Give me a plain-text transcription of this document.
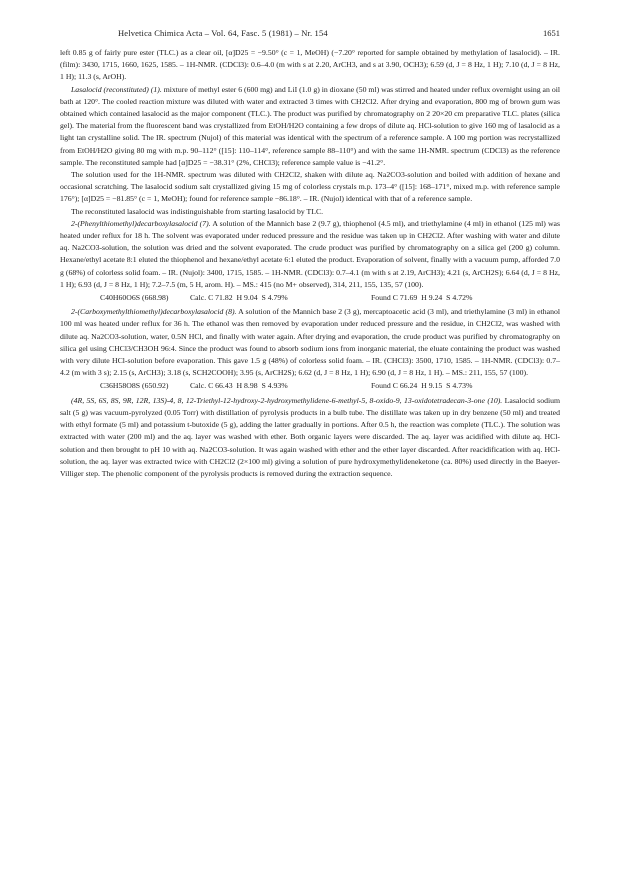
Helvetica Chimica Acta – Vol. 64, Fasc. 5 (1981) – Nr. 154	1651

left 0.85 g of fairly pure ester (TLC.) as a clear oil, [α]D25 = −9.50° (c = 1, MeOH) (−7.20° reported for sample obtained by methylation of lasalocid). – IR. (film): 3430, 1715, 1660, 1625, 1585. – 1H-NMR. (CDCl3): 0.6–4.0 (m with s at 2.20, ArCH3, and s at 3.90, OCH3); 6.59 (d, J = 8 Hz, 1 H); 7.10 (d, J = 8 Hz, 1 H); 11.3 (s, ArOH).

Lasalocid (reconstituted) (1). mixture of methyl ester 6 (600 mg) and LiI (1.0 g) in dioxane (50 ml) was stirred and heated under reflux overnight using an oil bath at 120°. The cooled reaction mixture was diluted with water and extracted 3 times with CH2Cl2. After drying and evaporation, 800 mg of brown gum was obtained which contained lasalocid as the major component (TLC.). The product was purified by chromatography on 2 20×20 cm preparative TLC. plates (silica gel). The material from the fluorescent band was crystallized from EtOH/H2O containing a few drops of dilute aq. HCl-solution to give 160 mg of lasalocid as a light tan crystalline solid. The IR. spectrum (Nujol) of this material was identical with the spectrum of a reference sample. A 100 mg portion was recrystallized from EtOH/H2O giving 80 mg with m.p. 90–112° ([15]: 110–114°, reference sample 88–110°) and with the same 1H-NMR. spectrum (CDCl3) as the reference sample. The reconstituted sample had [α]D25 = −38.31° (2%, CHCl3); reference sample value is −41.2°.

The solution used for the 1H-NMR. spectrum was diluted with CH2Cl2, shaken with dilute aq. Na2CO3-solution and boiled with addition of hexane and occasional scratching. The lasalocid sodium salt crystallized giving 15 mg of colorless crystals m.p. 173–4° ([15]: 168–171°, mixed m.p. with reference sample 176°); [α]D25 = −81.85° (c = 1, MeOH); found for reference sample −86.18°. – IR. (Nujol) identical with that of a reference sample.

The reconstituted lasalocid was indistinguishable from starting lasalocid by TLC.

2-(Phenylthiomethyl)decarboxylasalocid (7). A solution of the Mannich base 2 (9.7 g), thiophenol (4.5 ml), and triethylamine (4 ml) in ethanol (125 ml) was heated under reflux for 18 h. The solvent was evaporated under reduced pressure and the residue was taken up in CH2Cl2. After washing with water and dilute aq. Na2CO3-solution, the solution was dried and the solvent evaporated. The crude product was purified by chromatography on a silica gel (200 g) column. Hexane/ethyl acetate 8:1 eluted the thiophenol and hexane/ethyl acetate 6:1 eluted the product. Evaporation of solvent, finally with a vacuum pump, afforded 7.0 g (68%) of colorless solid foam. – IR. (Nujol): 3400, 1715, 1585. – 1H-NMR. (CDCl3): 0.7–4.1 (m with s at 2.19, ArCH3); 4.21 (s, ArCH2S); 6.64 (d, J = 8 Hz, 1 H); 6.93 (d, J = 8 Hz, 1 H); 7.2–7.5 (m, 5 H, arom. H). – MS.: 415 (no M+ observed), 314, 211, 155, 135, 57 (100).

C40H60O6S (668.98)	Calc. C 71.82  H 9.04  S 4.79%	Found C 71.69  H 9.24  S 4.72%

2-(Carboxymethylthiomethyl)decarboxylasalocid (8). A solution of the Mannich base 2 (3 g), mercaptoacetic acid (3 ml), and triethylamine (3 ml) in ethanol 100 ml was heated under reflux for 36 h. The ethanol was then removed by evaporation under reduced pressure and the residue, in CH2Cl2, was washed with dilute aq. Na2CO3-solution, water, 0.5N HCl, and finally with water again. After drying and evaporation, the crude product was purified by chromatography on silica gel using CHCl3/CH3OH 96:4. Since the product was found to absorb sodium ions from inorganic material, the eluate containing the product was washed with very dilute HCl-solution before evaporation. This gave 1.5 g (48%) of colorless solid foam. – IR. (CHCl3): 3500, 1710, 1585. – 1H-NMR. (CDCl3): 0.7–4.2 (m with 3 s); 2.15 (s, ArCH3); 3.18 (s, SCH2COOH); 3.95 (s, ArCH2S); 6.62 (d, J = 8 Hz, 1 H); 6.90 (d, J = 8 Hz, 1 H). – MS.: 211, 155, 57 (100).

C36H58O8S (650.92)	Calc. C 66.43  H 8.98  S 4.93%	Found C 66.24  H 9.15  S 4.73%

(4R, 5S, 6S, 8S, 9R, 12R, 13S)-4, 8, 12-Triethyl-12-hydroxy-2-hydroxymethylidene-6-methyl-5, 8-oxido-9, 13-oxidotetradecan-3-one (10). Lasalocid sodium salt (5 g) was vacuum-pyrolyzed (0.05 Torr) with distillation of pyrolysis products in a bulb tube. The distillate was taken up in dry benzene (50 ml) and treated with ethyl formate (5 ml) and potassium t-butoxide (5 g), adding the latter gradually in portions. After 0.5 h, the reaction was complete (TLC.). The solution was extracted with water (200 ml) and the aq. layer was washed with ether. Both organic layers were discarded. The aq. layer was acidified with dilute aq. HCl-solution and then brought to pH 10 with aq. Na2CO3-solution. It was again washed with ether and the ether layer discarded. After reacidification with aq. HCl-solution, the aq. layer was extracted twice with CH2Cl2 (2×100 ml) giving a solution of pure hydroxymethylideneketone (ca. 80%) used directly in the Baeyer-Villiger step. The phenolic component of the pyrolysis products is removed during the extraction sequence.
